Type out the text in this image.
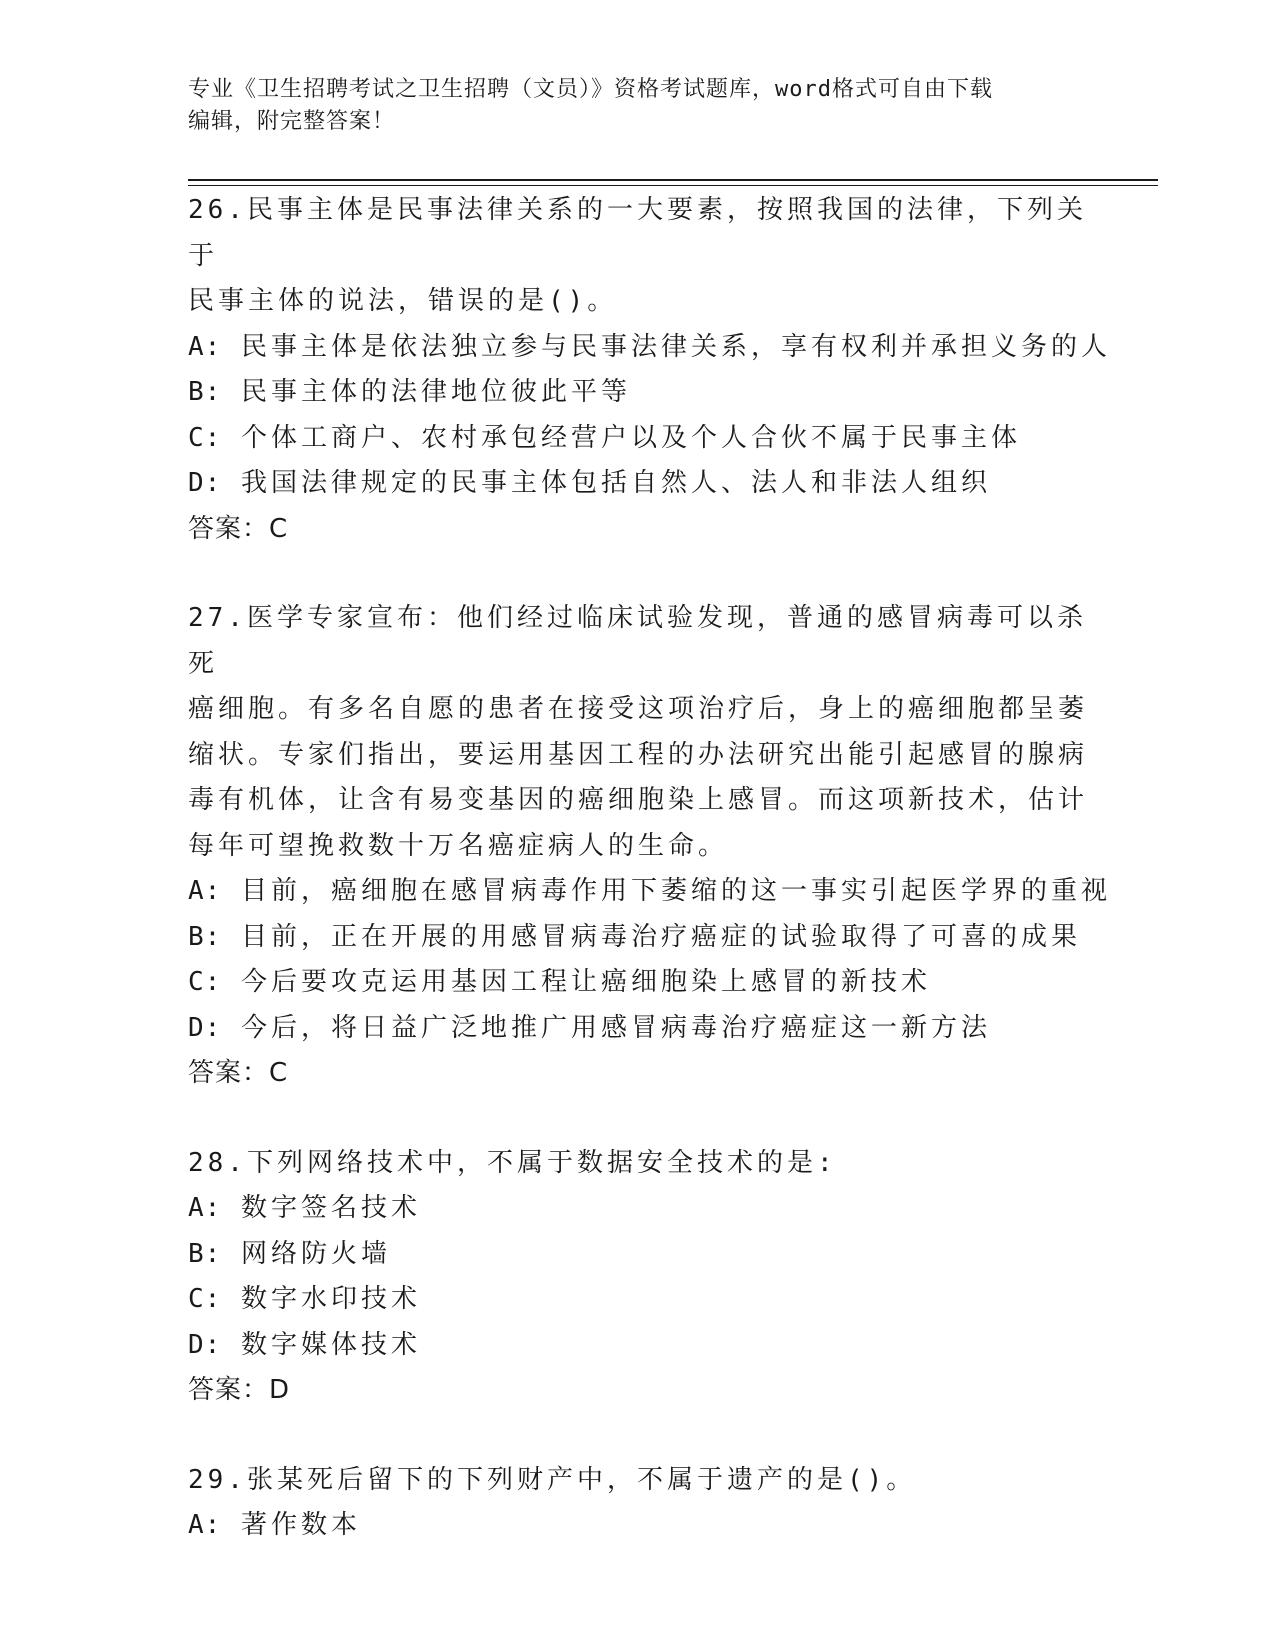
专业《卫生招聘考试之卫生招聘（文员）》资格考试题库，word格式可自由下载
编辑，附完整答案！
26.民事主体是民事法律关系的一大要素，按照我国的法律，下列关于
民事主体的说法，错误的是()。
A: 民事主体是依法独立参与民事法律关系，享有权利并承担义务的人
B: 民事主体的法律地位彼此平等
C: 个体工商户、农村承包经营户以及个人合伙不属于民事主体
D: 我国法律规定的民事主体包括自然人、法人和非法人组织
答案：C
27.医学专家宣布：他们经过临床试验发现，普通的感冒病毒可以杀死
癌细胞。有多名自愿的患者在接受这项治疗后，身上的癌细胞都呈萎
缩状。专家们指出，要运用基因工程的办法研究出能引起感冒的腺病
毒有机体，让含有易变基因的癌细胞染上感冒。而这项新技术，估计
每年可望挽救数十万名癌症病人的生命。
A: 目前，癌细胞在感冒病毒作用下萎缩的这一事实引起医学界的重视
B: 目前，正在开展的用感冒病毒治疗癌症的试验取得了可喜的成果
C: 今后要攻克运用基因工程让癌细胞染上感冒的新技术
D: 今后，将日益广泛地推广用感冒病毒治疗癌症这一新方法
答案：C
28.下列网络技术中，不属于数据安全技术的是:
A: 数字签名技术
B: 网络防火墙
C: 数字水印技术
D: 数字媒体技术
答案：D
29.张某死后留下的下列财产中，不属于遗产的是()。
A: 著作数本
